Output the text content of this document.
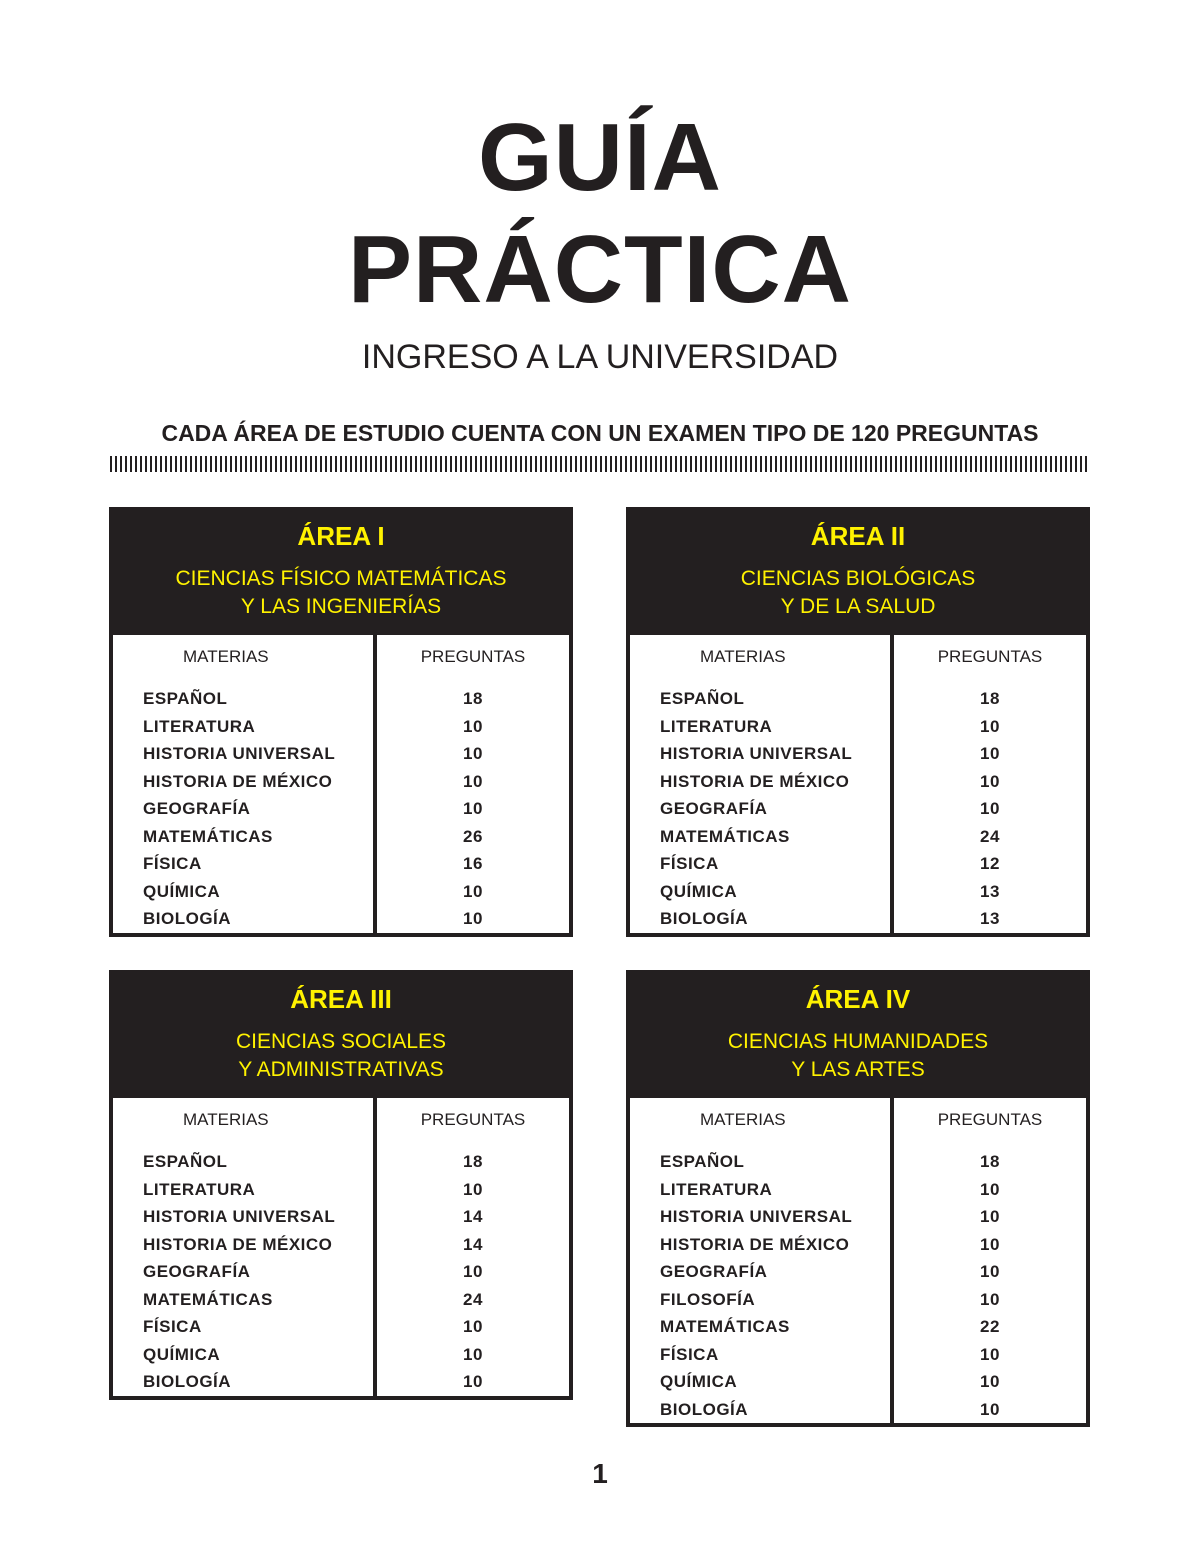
GUÍA
PRÁCTICA
INGRESO A LA UNIVERSIDAD
CADA ÁREA DE ESTUDIO CUENTA CON UN EXAMEN TIPO DE 120 PREGUNTAS
ÁREA I
CIENCIAS FÍSICO MATEMÁTICAS
Y LAS INGENIERÍAS
MATERIAS
ESPAÑOL
LITERATURA
HISTORIA UNIVERSAL
HISTORIA DE MÉXICO
GEOGRAFÍA
MATEMÁTICAS
FÍSICA
QUÍMICA
BIOLOGÍA
PREGUNTAS
18
10
10
10
10
26
16
10
10
ÁREA II
CIENCIAS BIOLÓGICAS
Y DE LA SALUD
MATERIAS
ESPAÑOL
LITERATURA
HISTORIA UNIVERSAL
HISTORIA DE MÉXICO
GEOGRAFÍA
MATEMÁTICAS
FÍSICA
QUÍMICA
BIOLOGÍA
PREGUNTAS
18
10
10
10
10
24
12
13
13
ÁREA III
CIENCIAS SOCIALES
Y ADMINISTRATIVAS
MATERIAS
ESPAÑOL
LITERATURA
HISTORIA UNIVERSAL
HISTORIA DE MÉXICO
GEOGRAFÍA
MATEMÁTICAS
FÍSICA
QUÍMICA
BIOLOGÍA
PREGUNTAS
18
10
14
14
10
24
10
10
10
ÁREA IV
CIENCIAS HUMANIDADES
Y LAS ARTES
MATERIAS
ESPAÑOL
LITERATURA
HISTORIA UNIVERSAL
HISTORIA DE MÉXICO
GEOGRAFÍA
FILOSOFÍA
MATEMÁTICAS
FÍSICA
QUÍMICA
BIOLOGÍA
PREGUNTAS
18
10
10
10
10
10
22
10
10
10
1
